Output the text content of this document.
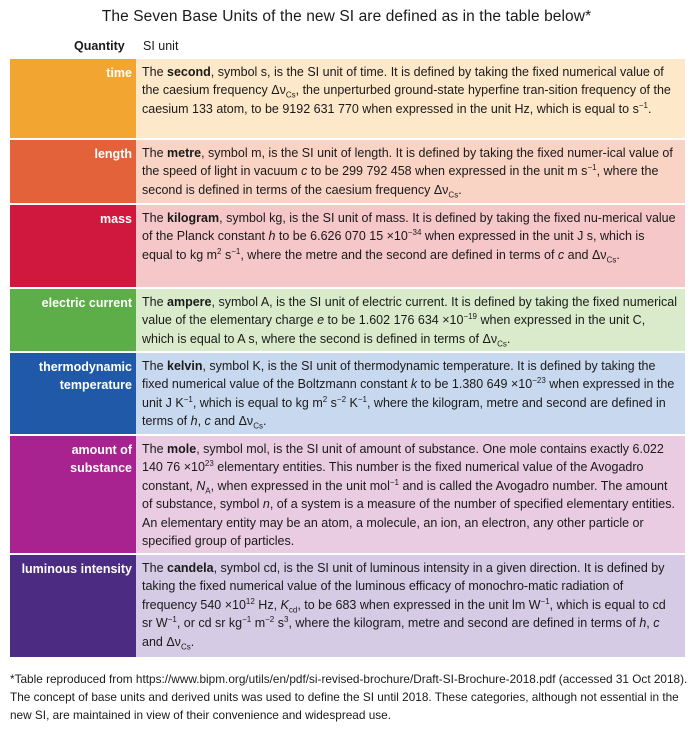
The Seven Base Units of the new SI are defined as in the table below*
Quantity SI unit
time The second, symbol s, is the SI unit of time. It is defined by taking the fixed numerical value of the caesium frequency $\Delta\nu_{Cs}$, the unperturbed ground-state hyperfine tran-sition frequency of the caesium 133 atom, to be 9192 631 770 when expressed in the unit Hz, which is equal to $s^{-1}$.
length The metre, symbol m, is the SI unit of length. It is defined by taking the fixed numer-ical value of the speed of light in vacuum c to be 299 792 458 when expressed in the unit m $s^{-1}$, where the second is defined in terms of the caesium frequency $\Delta\nu_{Cs}$.
mass The kilogram, symbol kg, is the SI unit of mass. It is defined by taking the fixed nu-merical value of the Planck constant h to be 6.626 070 $15 \times 10^{-34}$ when expressed in the unit J s, which is equal to kg $m^2$ $s^{-1}$, where the metre and the second are defined in terms of c and $\Delta\nu_{Cs}$.
electric current The ampere, symbol A, is the SI unit of electric current. It is defined by taking the fixed numerical value of the elementary charge e to be 1.602 176 $634 \times 10^{-19}$ when expressed in the unit C, which is equal to A s, where the second is defined in terms of $\Delta\nu_{Cs}$.
thermodynamic temperature
The kelvin, symbol K, is the SI unit of thermodynamic temperature. It is defined by taking the fixed numerical value of the Boltzmann constant k to be 1.380 $649 \times 10^{-23}$ when expressed in the unit J $K^{-1}$, which is equal to kg $m^2$ $s^{-2}$ $K^{-1}$, where the kilogram, metre and second are defined in terms of h, c and $\Delta\nu_{Cs}$.
amount of substance
The mole, symbol mol, is the SI unit of amount of substance. One mole contains exactly 6.022 140 $76 \times 10^{23}$ elementary entities. This number is the fixed numerical value of the Avogadro constant, $N_A$, when expressed in the unit mol$^{-1}$ and is called the Avogadro number. The amount of substance, symbol n, of a system is a measure of the number of specified elementary entities. An elementary entity may be an atom, a molecule, an ion, an electron, any other particle or specified group of particles.
luminous intensity The candela, symbol cd, is the SI unit of luminous intensity in a given direction. It is defined by taking the fixed numerical value of the luminous efficacy of monochro-matic radiation of frequency $540 \times 10^{12}$ Hz, $K_{cd}$, to be 683 when expressed in the unit lm $W^{-1}$, which is equal to cd sr $W^{-1}$, or cd sr $kg^{-1}$ $m^{-2}$ $s^3$, where the kilogram, metre and second are defined in terms of h, c and $\Delta\nu_{Cs}$.
*Table reproduced from https://www.bipm.org/utils/en/pdf/si-revised-brochure/Draft-SI-Brochure-2018.pdf (accessed 31 Oct 2018). The concept of base units and derived units was used to define the SI until 2018. These categories, although not essential in the new SI, are maintained in view of their convenience and widespread use.
